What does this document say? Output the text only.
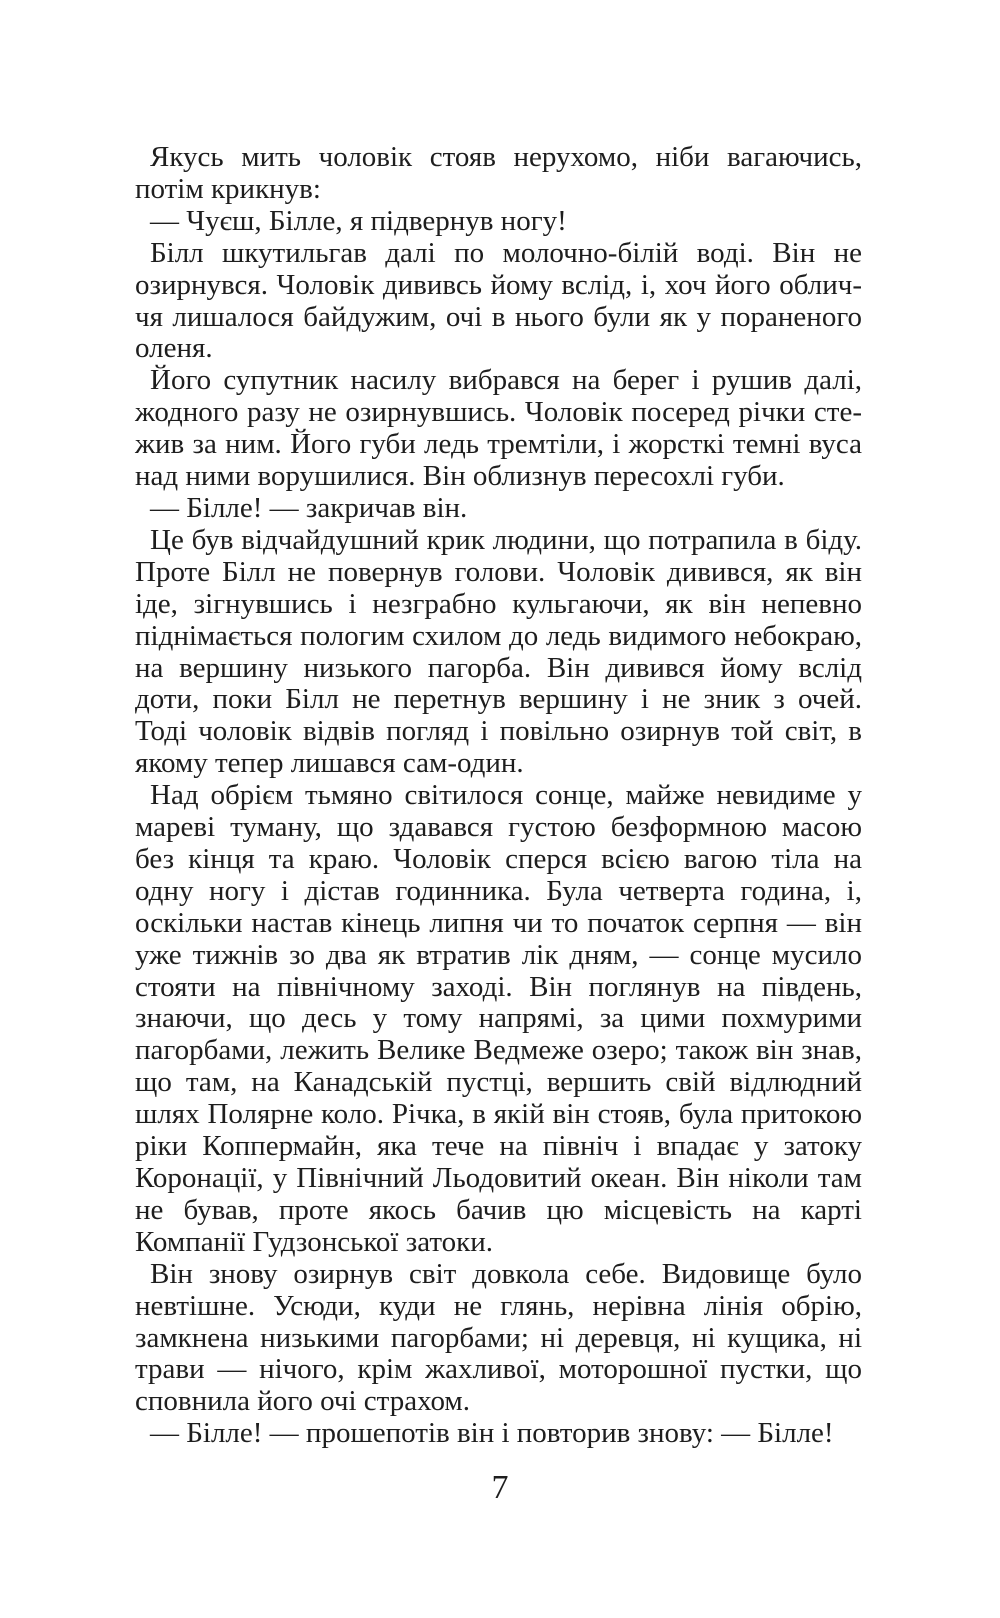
Якусь мить чоловік стояв нерухомо, ніби вагаючись, потім крикнув:

— Чуєш, Білле, я підвернув ногу!

Білл шкутильгав далі по молочно-білій воді. Він не озирнувся. Чоловік дививсь йому вслід, і, хоч його обличчя лишалося байдужим, очі в нього були як у пораненого оленя.

Його супутник насилу вибрався на берег і рушив далі, жодного разу не озирнувшись. Чоловік посеред річки стежив за ним. Його губи ледь тремтіли, і жорсткі темні вуса над ними ворушилися. Він облизнув пересохлі губи.

— Білле! — закричав він.

Це був відчайдушний крик людини, що потрапила в біду. Проте Білл не повернув голови. Чоловік дивився, як він іде, зігнувшись і незграбно кульгаючи, як він непевно піднімається пологим схилом до ледь видимого небокраю, на вершину низького пагорба. Він дивився йому вслід доти, поки Білл не перетнув вершину і не зник з очей. Тоді чоловік відвів погляд і повільно озирнув той світ, в якому тепер лишався сам-один.

Над обрієм тьмяно світилося сонце, майже невидиме у мареві туману, що здавався густою безформною масою без кінця та краю. Чоловік сперся всією вагою тіла на одну ногу і дістав годинника. Була четверта година, і, оскільки настав кінець липня чи то початок серпня — він уже тижнів зо два як втратив лік дням, — сонце мусило стояти на північному заході. Він поглянув на південь, знаючи, що десь у тому напрямі, за цими похмурими пагорбами, лежить Велике Ведмеже озеро; також він знав, що там, на Канадській пустці, вершить свій відлюдний шлях Полярне коло. Річка, в якій він стояв, була притокою ріки Коппермайн, яка тече на північ і впадає у затоку Коронації, у Північний Льодовитий океан. Він ніколи там не бував, проте якось бачив цю місцевість на карті Компанії Гудзонської затоки.

Він знову озирнув світ довкола себе. Видовище було невтішне. Усюди, куди не глянь, нерівна лінія обрію, замкнена низькими пагорбами; ні деревця, ні кущика, ні трави — нічого, крім жахливої, моторошної пустки, що сповнила його очі страхом.

— Білле! — прошепотів він і повторив знову: — Білле!

7
